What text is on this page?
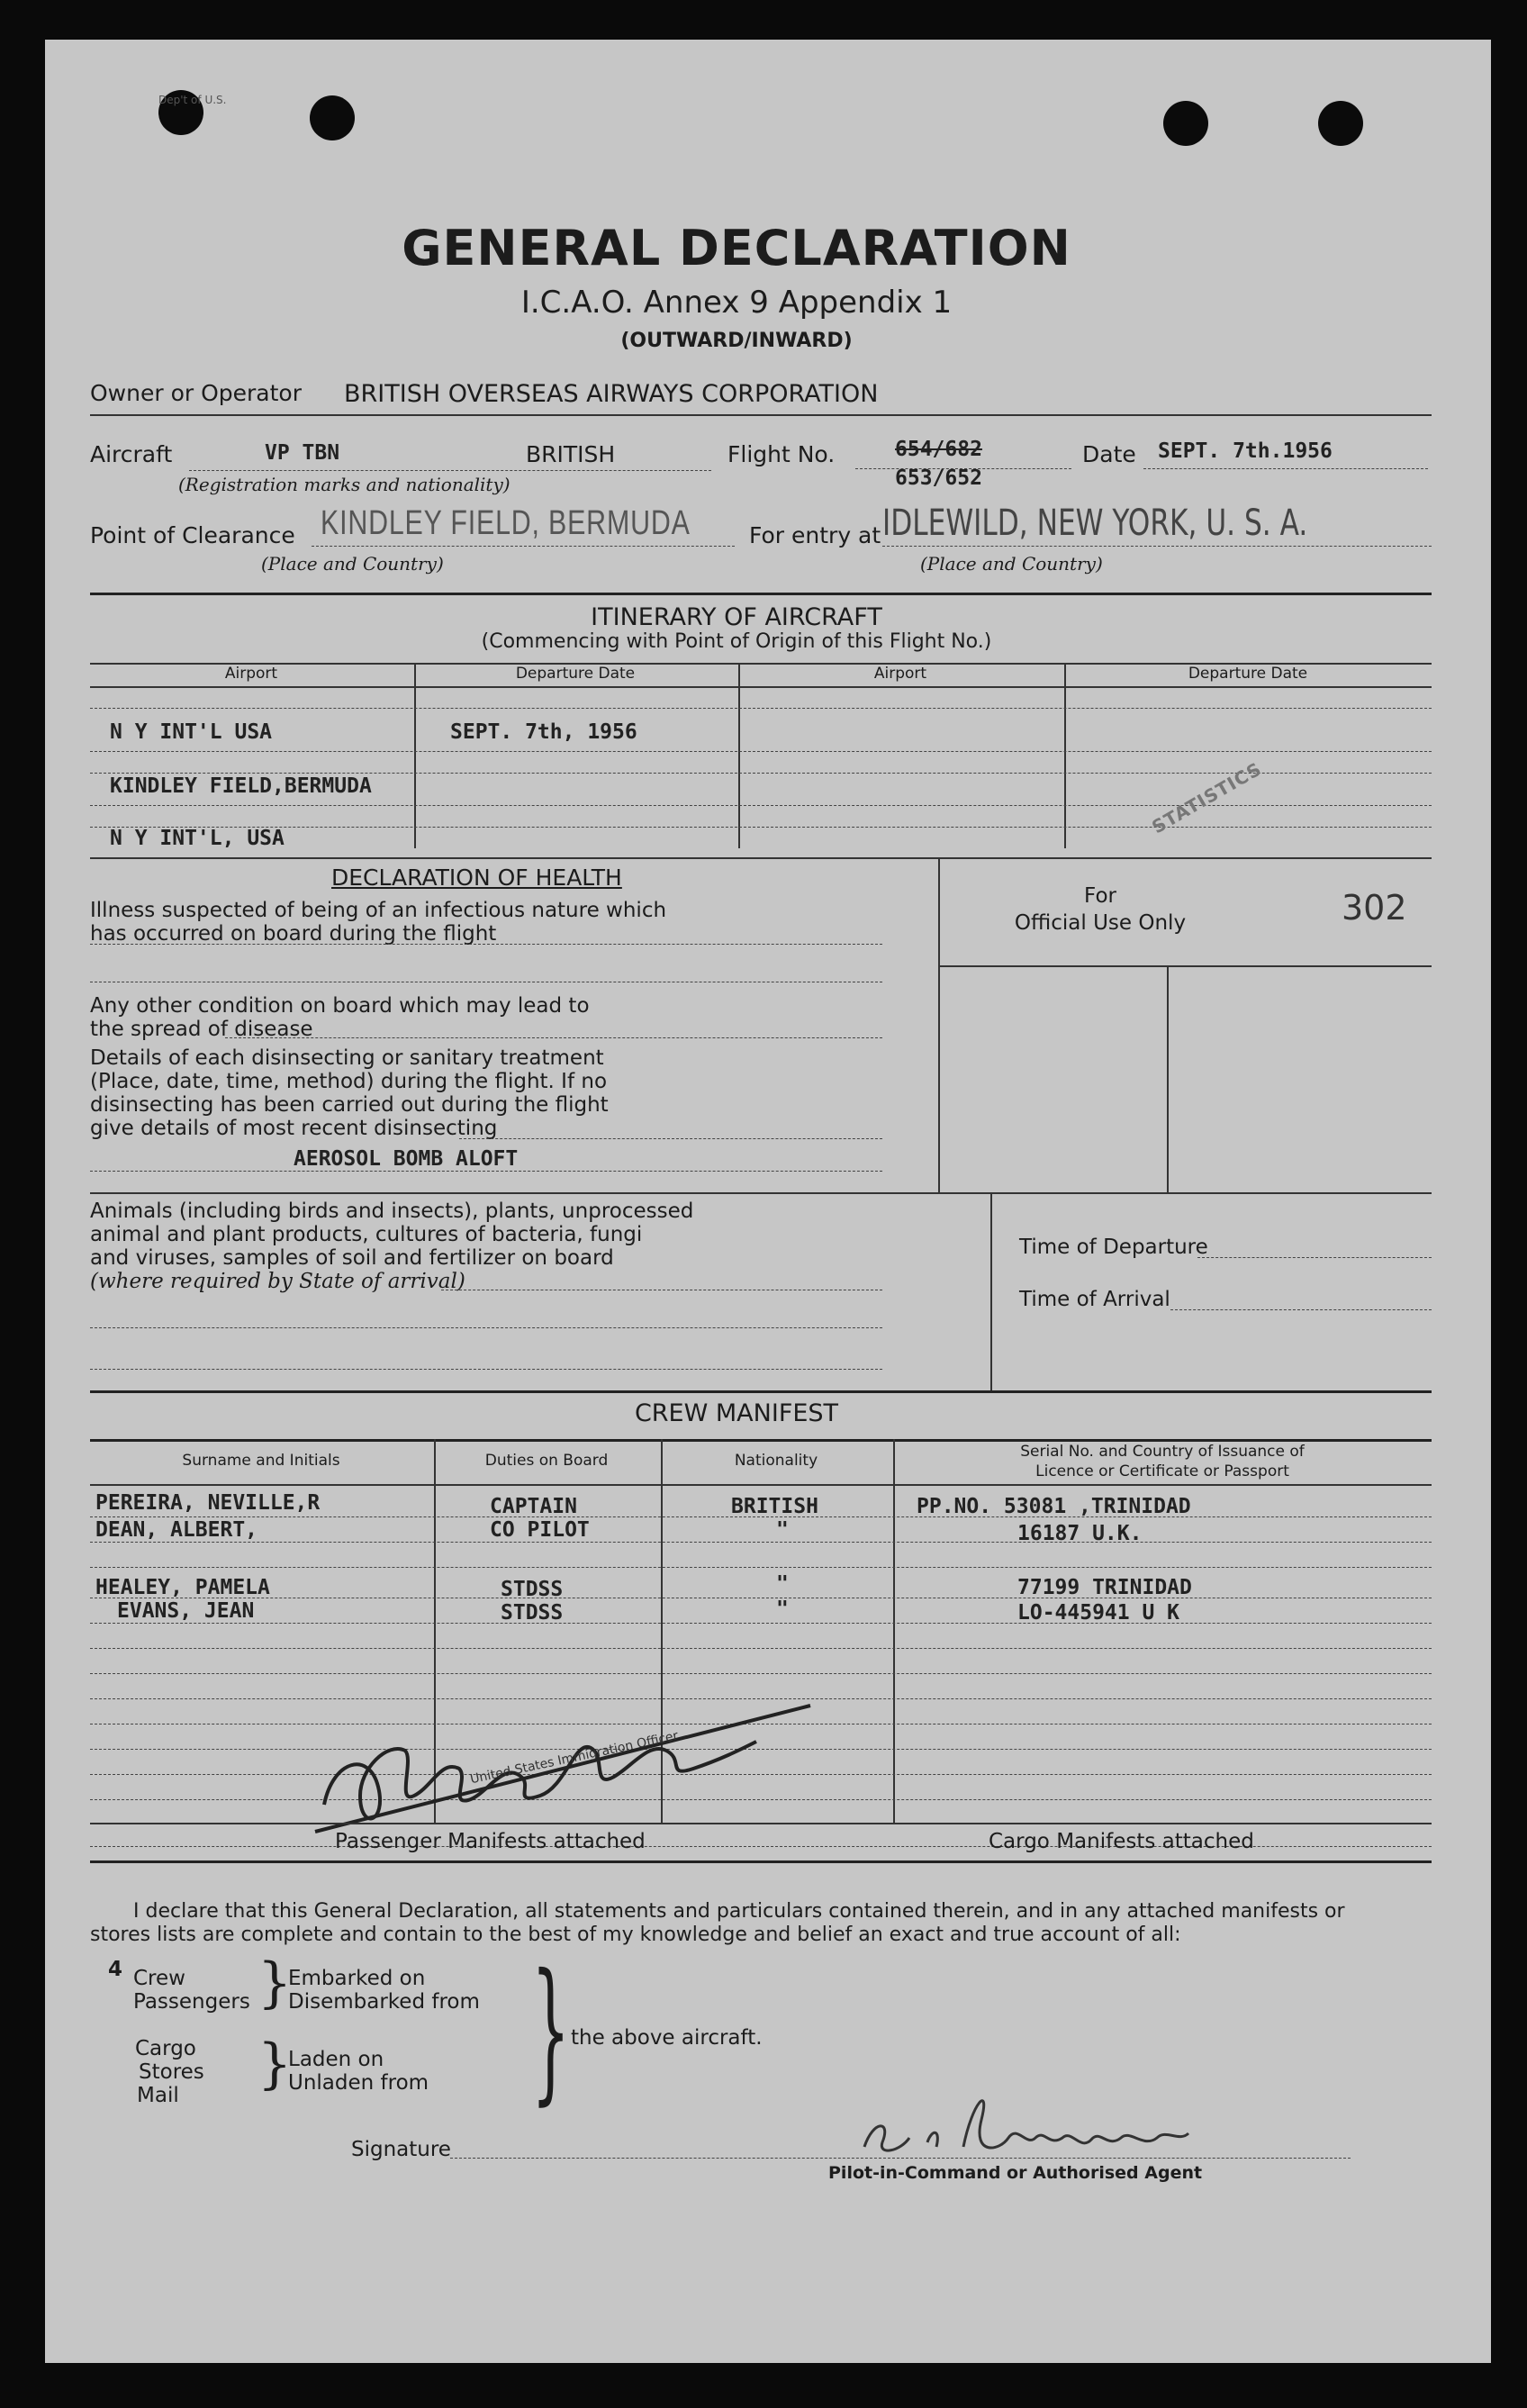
Dep't of U.S.
GENERAL DECLARATION
I.C.A.O. Annex 9 Appendix 1
(OUTWARD/INWARD)
Owner or Operator BRITISH OVERSEAS AIRWAYS CORPORATION
Aircraft	VP TBN	BRITISH
(Registration marks and nationality)
Flight No.	654/682
653/652
Date SEPT. 7th.1956
Point of Clearance KINDLEY FIELD, BERMUDA
(Place and Country)
For entry at IDLEWILD, NEW YORK, U. S. A.
(Place and Country)
ITINERARY OF AIRCRAFT
(Commencing with Point of Origin of this Flight No.)
Airport	Departure Date	Airport	Departure Date
N Y INT'L USA	SEPT. 7th, 1956
KINDLEY FIELD,BERMUDA
N Y INT'L, USA
STATISTICS
DECLARATION OF HEALTH
Illness suspected of being of an infectious nature which
has occurred on board during the flight
Any other condition on board which may lead to
the spread of disease
Details of each disinsecting or sanitary treatment
(Place, date, time, method) during the flight. If no
disinsecting has been carried out during the flight
give details of most recent disinsecting
AEROSOL BOMB ALOFT
For
Official Use Only	302
Animals (including birds and insects), plants, unprocessed
animal and plant products, cultures of bacteria, fungi
and viruses, samples of soil and fertilizer on board
(where required by State of arrival)
Time of Departure
Time of Arrival
CREW MANIFEST
Surname and Initials	Duties on Board	Nationality	Serial No. and Country of Issuance of
Licence or Certificate or Passport
PEREIRA, NEVILLE,R	CAPTAIN	BRITISH	PP.NO. 53081 ,TRINIDAD
DEAN, ALBERT,	CO PILOT	"	16187 U.K.
HEALEY, PAMELA	STDSS	"	77199 TRINIDAD
EVANS, JEAN	STDSS	"	LO-445941 U K
United States Immigration Officer
Passenger Manifests attached	Cargo Manifests attached
I declare that this General Declaration, all statements and particulars contained therein, and in any attached manifests or
stores lists are complete and contain to the best of my knowledge and belief an exact and true account of all:
4 Crew
Passengers }
Embarked on
Disembarked from
Cargo
Stores
Mail }
Laden on
Unladen from } the above aircraft.
Signature
Pilot-in-Command or Authorised Agent
